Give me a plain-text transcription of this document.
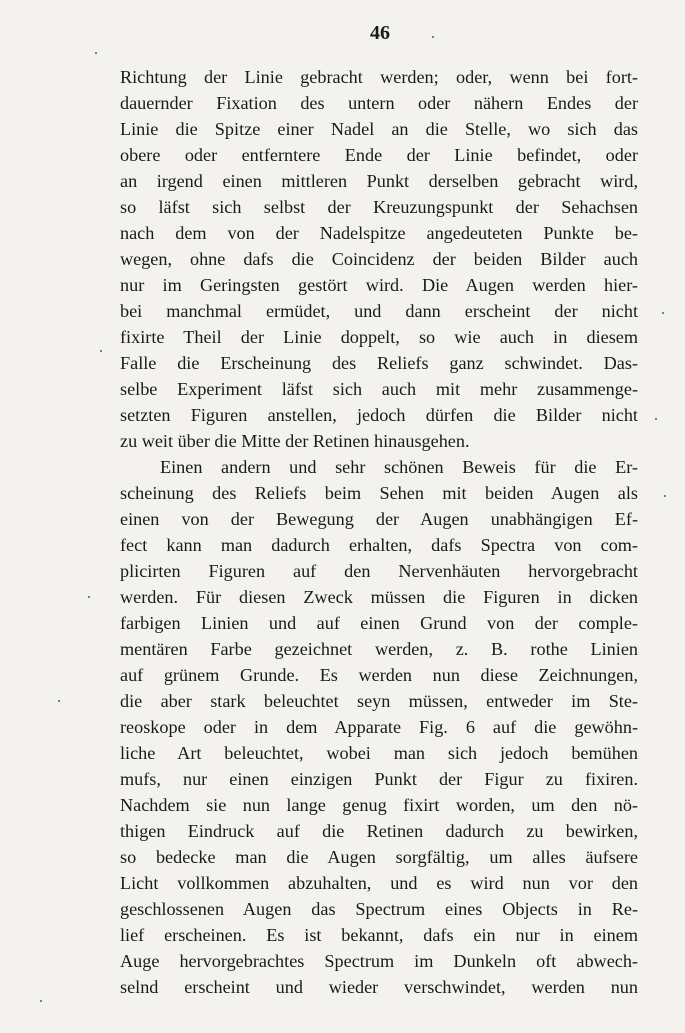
46
Richtung der Linie gebracht werden; oder, wenn bei fort-
dauernder Fixation des untern oder nähern Endes der
Linie die Spitze einer Nadel an die Stelle, wo sich das
obere oder entferntere Ende der Linie befindet, oder
an irgend einen mittleren Punkt derselben gebracht wird,
so läfst sich selbst der Kreuzungspunkt der Sehachsen
nach dem von der Nadelspitze angedeuteten Punkte be-
wegen, ohne dafs die Coincidenz der beiden Bilder auch
nur im Geringsten gestört wird. Die Augen werden hier-
bei manchmal ermüdet, und dann erscheint der nicht
fixirte Theil der Linie doppelt, so wie auch in diesem
Falle die Erscheinung des Reliefs ganz schwindet. Das-
selbe Experiment läfst sich auch mit mehr zusammenge-
setzten Figuren anstellen, jedoch dürfen die Bilder nicht
zu weit über die Mitte der Retinen hinausgehen.
Einen andern und sehr schönen Beweis für die Er-
scheinung des Reliefs beim Sehen mit beiden Augen als
einen von der Bewegung der Augen unabhängigen Ef-
fect kann man dadurch erhalten, dafs Spectra von com-
plicirten Figuren auf den Nervenhäuten hervorgebracht
werden. Für diesen Zweck müssen die Figuren in dicken
farbigen Linien und auf einen Grund von der comple-
mentären Farbe gezeichnet werden, z. B. rothe Linien
auf grünem Grunde. Es werden nun diese Zeichnungen,
die aber stark beleuchtet seyn müssen, entweder im Ste-
reoskope oder in dem Apparate Fig. 6 auf die gewöhn-
liche Art beleuchtet, wobei man sich jedoch bemühen
mufs, nur einen einzigen Punkt der Figur zu fixiren.
Nachdem sie nun lange genug fixirt worden, um den nö-
thigen Eindruck auf die Retinen dadurch zu bewirken,
so bedecke man die Augen sorgfältig, um alles äufsere
Licht vollkommen abzuhalten, und es wird nun vor den
geschlossenen Augen das Spectrum eines Objects in Re-
lief erscheinen. Es ist bekannt, dafs ein nur in einem
Auge hervorgebrachtes Spectrum im Dunkeln oft abwech-
selnd erscheint und wieder verschwindet, werden nun
